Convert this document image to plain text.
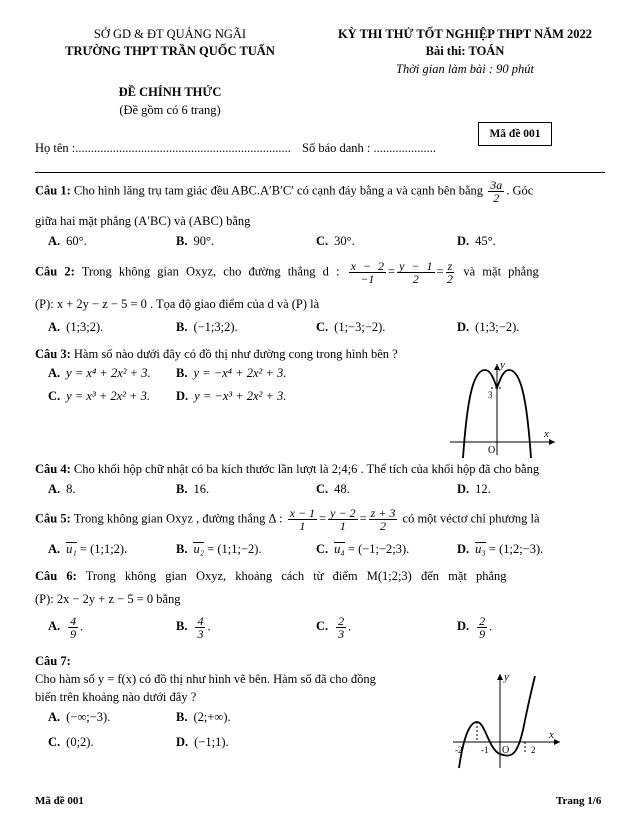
SỞ GD & ĐT QUẢNG NGÃI
TRƯỜNG THPT TRẦN QUỐC TUẤN
KỲ THI THỬ TỐT NGHIỆP THPT NĂM 2022
Bài thi: TOÁN
Thời gian làm bài : 90 phút
ĐỀ CHÍNH THỨC
(Đề gồm có 6 trang)
Mã đề 001
Họ tên :..................................................................... Số báo danh : ....................
Câu 1: Cho hình lăng trụ tam giác đều ABC.A′B′C′ có cạnh đáy bằng a và cạnh bên bằng $\frac{3a}{2}$ . Góc
giữa hai mặt phẳng (A′BC) và (ABC) bằng
A. 60°.	B. 90°.	C. 30°.	D. 45°.
Câu 2: Trong không gian Oxyz, cho đường thẳng d : $\frac{x - 2}{-1} = \frac{y - 1}{2} = \frac{z}{2}$ và mặt phẳng
(P): x + 2y − z − 5 = 0 . Tọa độ giao điểm của d và (P) là
A. (1;3;2).	B. (−1;3;2).	C. (1;−3;−2).	D. (1;3;−2).
Câu 3: Hàm số nào dưới đây có đồ thị như đường cong trong hình bên ?
A. y = x⁴ + 2x² + 3. B. y = −x⁴ + 2x² + 3.
C. y = x³ + 2x² + 3. D. y = −x³ + 2x² + 3.
y
x
O
3
Câu 4: Cho khối hộp chữ nhật có ba kích thước lần lượt là 2;4;6 . Thể tích của khối hộp đã cho bằng
A. 8.	B. 16.	C. 48.	D. 12.
Câu 5: Trong không gian Oxyz , đường thẳng Δ : $\frac{x - 1}{1} = \frac{y - 2}{1} = \frac{z + 3}{2}$ có một véctơ chỉ phương là
A. u₁ = (1;1;2).	B. u₂ = (1;1;−2).	C. u₄ = (−1;−2;3).	D. u₃ = (1;2;−3).
Câu 6: Trong không gian Oxyz, khoảng cách từ điểm M(1;2;3) đến mặt phẳng
(P): 2x − 2y + z − 5 = 0 bằng
A. $\frac{4}{9}$ .	B. $\frac{4}{3}$ .	C. $\frac{2}{3}$ .	D. $\frac{2}{9}$ .
Câu 7:
Cho hàm số y = f(x) có đồ thị như hình vẽ bên. Hàm số đã cho đồng
biến trên khoảng nào dưới đây ?
A. (−∞;−3).	B. (2;+∞).
C. (0;2).	D. (−1;1).
y
x
O
-2 -1	2
Mã đề 001	Trang 1/6
